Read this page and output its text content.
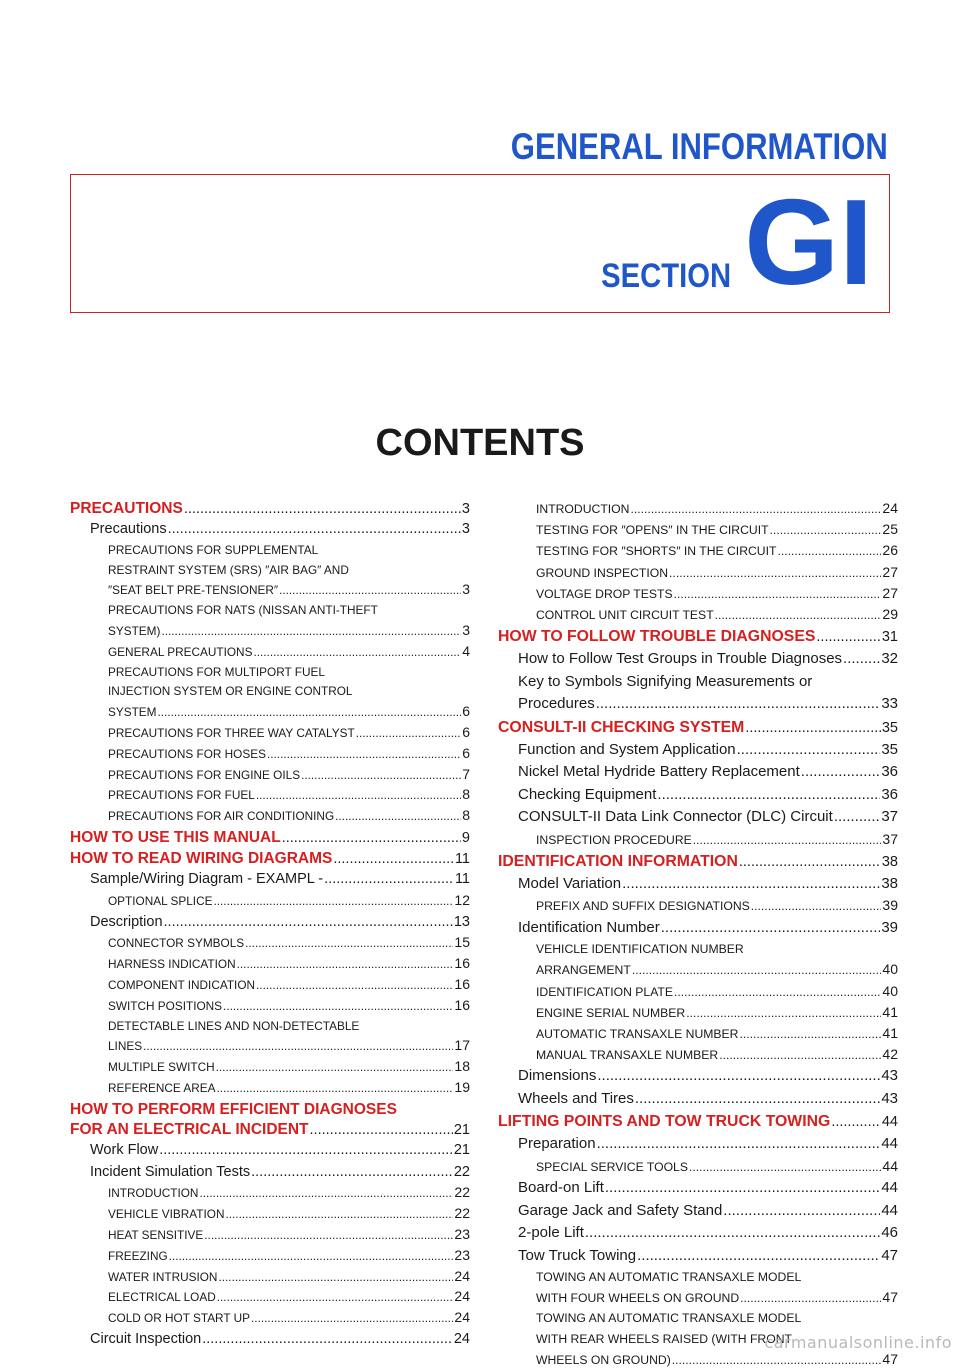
GENERAL INFORMATION
SECTION GI
CONTENTS
PRECAUTIONS .....	3
Precautions .....	3
PRECAUTIONS FOR SUPPLEMENTAL
RESTRAINT SYSTEM (SRS) ″AIR BAG″ AND
″SEAT BELT PRE-TENSIONER″ .....	3
PRECAUTIONS FOR NATS (NISSAN ANTI-THEFT
SYSTEM) .....	3
GENERAL PRECAUTIONS .....	4
PRECAUTIONS FOR MULTIPORT FUEL
INJECTION SYSTEM OR ENGINE CONTROL
SYSTEM .....	6
PRECAUTIONS FOR THREE WAY CATALYST .....	6
PRECAUTIONS FOR HOSES .....	6
PRECAUTIONS FOR ENGINE OILS .....	7
PRECAUTIONS FOR FUEL .....	8
PRECAUTIONS FOR AIR CONDITIONING .....	8
HOW TO USE THIS MANUAL .....	9
HOW TO READ WIRING DIAGRAMS .....	11
Sample/Wiring Diagram - EXAMPL - .....	11
OPTIONAL SPLICE .....	12
Description .....	13
CONNECTOR SYMBOLS .....	15
HARNESS INDICATION .....	16
COMPONENT INDICATION .....	16
SWITCH POSITIONS .....	16
DETECTABLE LINES AND NON-DETECTABLE
LINES .....	17
MULTIPLE SWITCH .....	18
REFERENCE AREA .....	19
HOW TO PERFORM EFFICIENT DIAGNOSES
FOR AN ELECTRICAL INCIDENT .....	21
Work Flow .....	21
Incident Simulation Tests .....	22
INTRODUCTION .....	22
VEHICLE VIBRATION .....	22
HEAT SENSITIVE .....	23
FREEZING .....	23
WATER INTRUSION .....	24
ELECTRICAL LOAD .....	24
COLD OR HOT START UP .....	24
Circuit Inspection .....	24
INTRODUCTION .....	24
TESTING FOR ″OPENS″ IN THE CIRCUIT .....	25
TESTING FOR ″SHORTS″ IN THE CIRCUIT .....	26
GROUND INSPECTION .....	27
VOLTAGE DROP TESTS .....	27
CONTROL UNIT CIRCUIT TEST .....	29
HOW TO FOLLOW TROUBLE DIAGNOSES .....	31
How to Follow Test Groups in Trouble Diagnoses .....	32
Key to Symbols Signifying Measurements or
Procedures .....	33
CONSULT-II CHECKING SYSTEM .....	35
Function and System Application .....	35
Nickel Metal Hydride Battery Replacement .....	36
Checking Equipment .....	36
CONSULT-II Data Link Connector (DLC) Circuit .....	37
INSPECTION PROCEDURE .....	37
IDENTIFICATION INFORMATION .....	38
Model Variation .....	38
PREFIX AND SUFFIX DESIGNATIONS .....	39
Identification Number .....	39
VEHICLE IDENTIFICATION NUMBER
ARRANGEMENT .....	40
IDENTIFICATION PLATE .....	40
ENGINE SERIAL NUMBER .....	41
AUTOMATIC TRANSAXLE NUMBER .....	41
MANUAL TRANSAXLE NUMBER .....	42
Dimensions .....	43
Wheels and Tires .....	43
LIFTING POINTS AND TOW TRUCK TOWING .....	44
Preparation .....	44
SPECIAL SERVICE TOOLS .....	44
Board-on Lift .....	44
Garage Jack and Safety Stand .....	44
2-pole Lift .....	46
Tow Truck Towing .....	47
TOWING AN AUTOMATIC TRANSAXLE MODEL
WITH FOUR WHEELS ON GROUND .....	47
TOWING AN AUTOMATIC TRANSAXLE MODEL
WITH REAR WHEELS RAISED (WITH FRONT
WHEELS ON GROUND) .....	47
carmanualsonline.info
